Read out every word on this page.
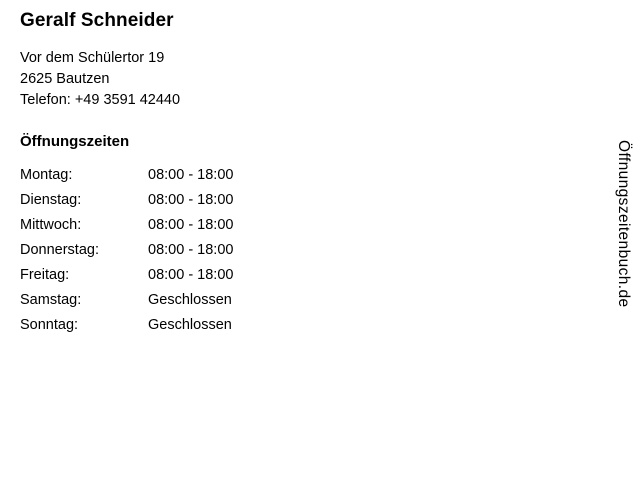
Geralf Schneider

Vor dem Schülertor 19

2625 Bautzen

Telefon: +49 3591 42440

Öffnungszeiten
Montag:	08:00 - 18:00
Dienstag:	08:00 - 18:00
Mittwoch:	08:00 - 18:00
Donnerstag:	08:00 - 18:00
Freitag:	08:00 - 18:00
Samstag:	Geschlossen
Sonntag:	Geschlossen
Öffnungszeitenbuch.de
